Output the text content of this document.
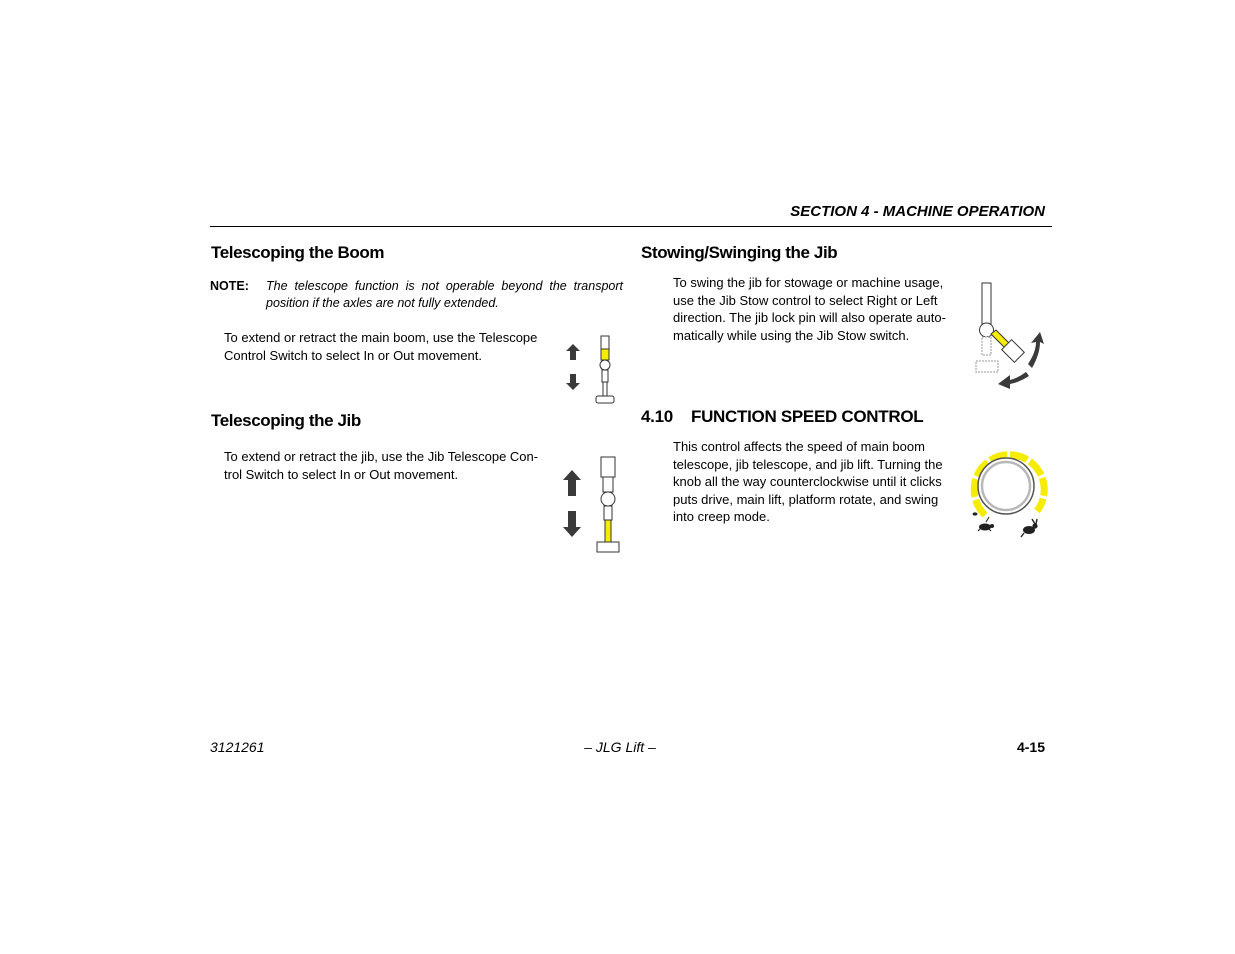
SECTION 4 - MACHINE OPERATION
Telescoping the Boom
NOTE: The telescope function is not operable beyond the transport position if the axles are not fully extended.
To extend or retract the main boom, use the Telescope
Control Switch to select In or Out movement.
Telescoping the Jib
To extend or retract the jib, use the Jib Telescope Con-
trol Switch to select In or Out movement.
Stowing/Swinging the Jib
To swing the jib for stowage or machine usage,
use the Jib Stow control to select Right or Left
direction. The jib lock pin will also operate auto-
matically while using the Jib Stow switch.
4.10 FUNCTION SPEED CONTROL
This control affects the speed of main boom
telescope, jib telescope, and jib lift. Turning the
knob all the way counterclockwise until it clicks
puts drive, main lift, platform rotate, and swing
into creep mode.
3121261	– JLG Lift –	4-15
